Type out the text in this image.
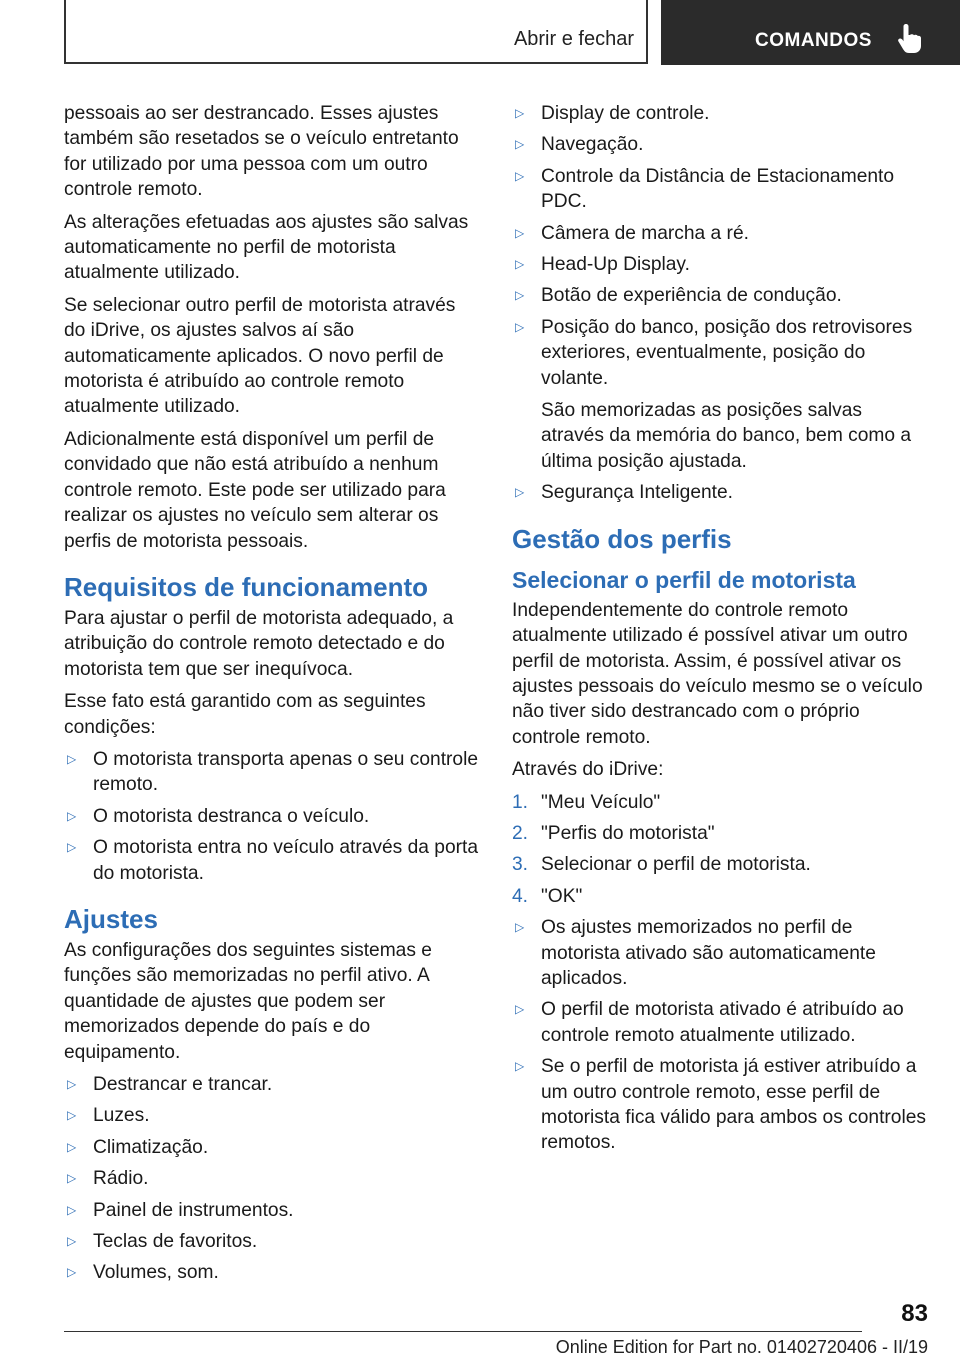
Abrir e fechar	COMANDOS

pessoais ao ser destrancado. Esses ajustes também são resetados se o veículo entretanto for utilizado por uma pessoa com um outro controle remoto.

As alterações efetuadas aos ajustes são salvas automaticamente no perfil de motorista atualmente utilizado.

Se selecionar outro perfil de motorista através do iDrive, os ajustes salvos aí são automaticamente aplicados. O novo perfil de motorista é atribuído ao controle remoto atualmente utilizado.

Adicionalmente está disponível um perfil de convidado que não está atribuído a nenhum controle remoto. Este pode ser utilizado para realizar os ajustes no veículo sem alterar os perfis de motorista pessoais.

Requisitos de funcionamento

Para ajustar o perfil de motorista adequado, a atribuição do controle remoto detectado e do motorista tem que ser inequívoca.

Esse fato está garantido com as seguintes condições:

▷ O motorista transporta apenas o seu controle remoto.
▷ O motorista destranca o veículo.
▷ O motorista entra no veículo através da porta do motorista.
Ajustes

As configurações dos seguintes sistemas e funções são memorizadas no perfil ativo. A quantidade de ajustes que podem ser memorizados depende do país e do equipamento.

▷ Destrancar e trancar.
▷ Luzes.
▷ Climatização.
▷ Rádio.
▷ Painel de instrumentos.
▷ Teclas de favoritos.
▷ Volumes, som.
▷ Display de controle.
▷ Navegação.
▷ Controle da Distância de Estacionamento PDC.
▷ Câmera de marcha a ré.
▷ Head-Up Display.
▷ Botão de experiência de condução.
▷ Posição do banco, posição dos retrovisores exteriores, eventualmente, posição do volante.
São memorizadas as posições salvas através da memória do banco, bem como a última posição ajustada.
▷ Segurança Inteligente.
Gestão dos perfis
Selecionar o perfil de motorista

Independentemente do controle remoto atualmente utilizado é possível ativar um outro perfil de motorista. Assim, é possível ativar os ajustes pessoais do veículo mesmo se o veículo não tiver sido destrancado com o próprio controle remoto.

Através do iDrive:

1. "Meu Veículo"
2. "Perfis do motorista"
3. Selecionar o perfil de motorista.
4. "OK"
▷ Os ajustes memorizados no perfil de motorista ativado são automaticamente aplicados.
▷ O perfil de motorista ativado é atribuído ao controle remoto atualmente utilizado.
▷ Se o perfil de motorista já estiver atribuído a um outro controle remoto, esse perfil de motorista fica válido para ambos os controles remotos.
83
Online Edition for Part no. 01402720406 - II/19
